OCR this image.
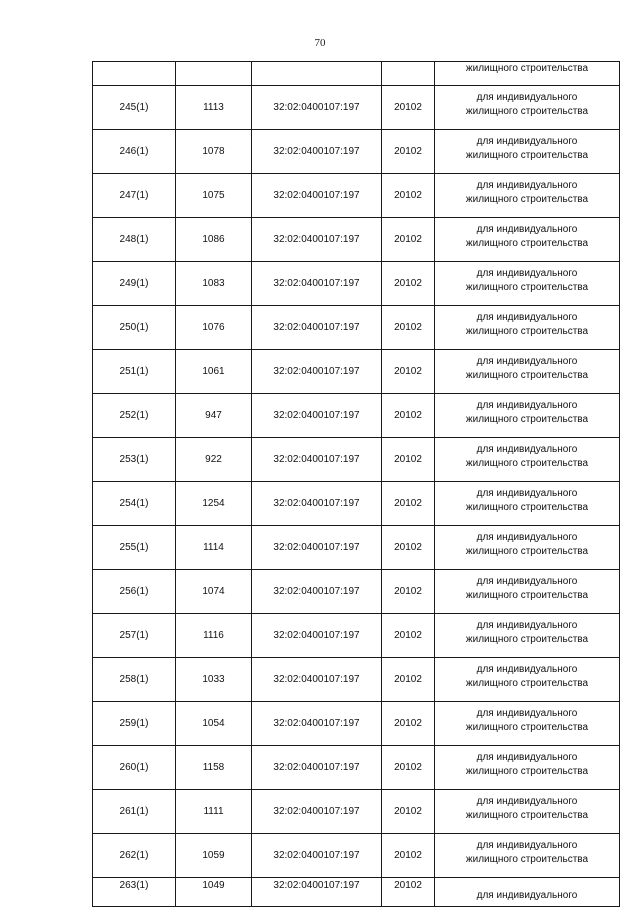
70
				жилищного строительства
245(1)	1113	32:02:0400107:197	20102	для индивидуального
жилищного строительства

246(1)	1078	32:02:0400107:197	20102	для индивидуального
жилищного строительства

247(1)	1075	32:02:0400107:197	20102	для индивидуального
жилищного строительства

248(1)	1086	32:02:0400107:197	20102	для индивидуального
жилищного строительства

249(1)	1083	32:02:0400107:197	20102	для индивидуального
жилищного строительства

250(1)	1076	32:02:0400107:197	20102	для индивидуального
жилищного строительства

251(1)	1061	32:02:0400107:197	20102	для индивидуального
жилищного строительства

252(1)	947	32:02:0400107:197	20102	для индивидуального
жилищного строительства

253(1)	922	32:02:0400107:197	20102	для индивидуального
жилищного строительства

254(1)	1254	32:02:0400107:197	20102	для индивидуального
жилищного строительства

255(1)	1114	32:02:0400107:197	20102	для индивидуального
жилищного строительства

256(1)	1074	32:02:0400107:197	20102	для индивидуального
жилищного строительства

257(1)	1116	32:02:0400107:197	20102	для индивидуального
жилищного строительства

258(1)	1033	32:02:0400107:197	20102	для индивидуального
жилищного строительства

259(1)	1054	32:02:0400107:197	20102	для индивидуального
жилищного строительства

260(1)	1158	32:02:0400107:197	20102	для индивидуального
жилищного строительства

261(1)	1111	32:02:0400107:197	20102	для индивидуального
жилищного строительства

262(1)	1059	32:02:0400107:197	20102	для индивидуального
жилищного строительства

263(1)	1049	32:02:0400107:197	20102	для индивидуального
